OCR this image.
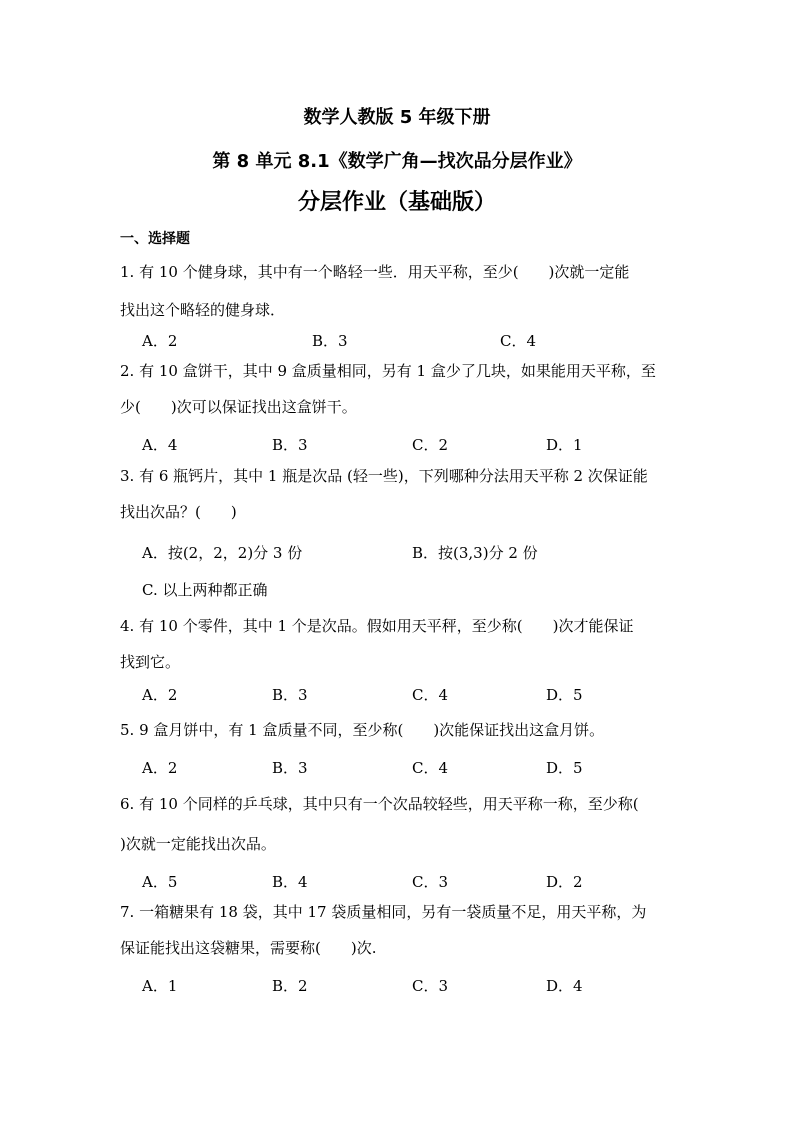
数学人教版 5 年级下册
第 8 单元 8.1《数学广角—找次品分层作业》
分层作业（基础版）
一、选择题
1. 有 10 个健身球，其中有一个略轻一些．用天平称，至少(　　)次就一定能
找出这个略轻的健身球．
A．2	B．3	C．4
2. 有 10 盒饼干，其中 9 盒质量相同，另有 1 盒少了几块，如果能用天平称，至
少(　　)次可以保证找出这盒饼干。
A．4	B．3	C．2	D．1
3. 有 6 瓶钙片，其中 1 瓶是次品 (轻一些)，下列哪种分法用天平称 2 次保证能
找出次品？(　　)
A．按(2，2，2)分 3 份	B．按(3,3)分 2 份
C. 以上两种都正确
4. 有 10 个零件，其中 1 个是次品。假如用天平秤，至少称(　　)次才能保证
找到它。
A．2	B．3	C．4	D．5
5. 9 盒月饼中，有 1 盒质量不同，至少称(　　)次能保证找出这盒月饼。
A．2	B．3	C．4	D．5
6. 有 10 个同样的乒乓球，其中只有一个次品较轻些，用天平称一称，至少称(
)次就一定能找出次品。
A．5	B．4	C．3	D．2
7. 一箱糖果有 18 袋，其中 17 袋质量相同，另有一袋质量不足，用天平称，为
保证能找出这袋糖果，需要称(　　)次.
A．1	B．2	C．3	D．4
